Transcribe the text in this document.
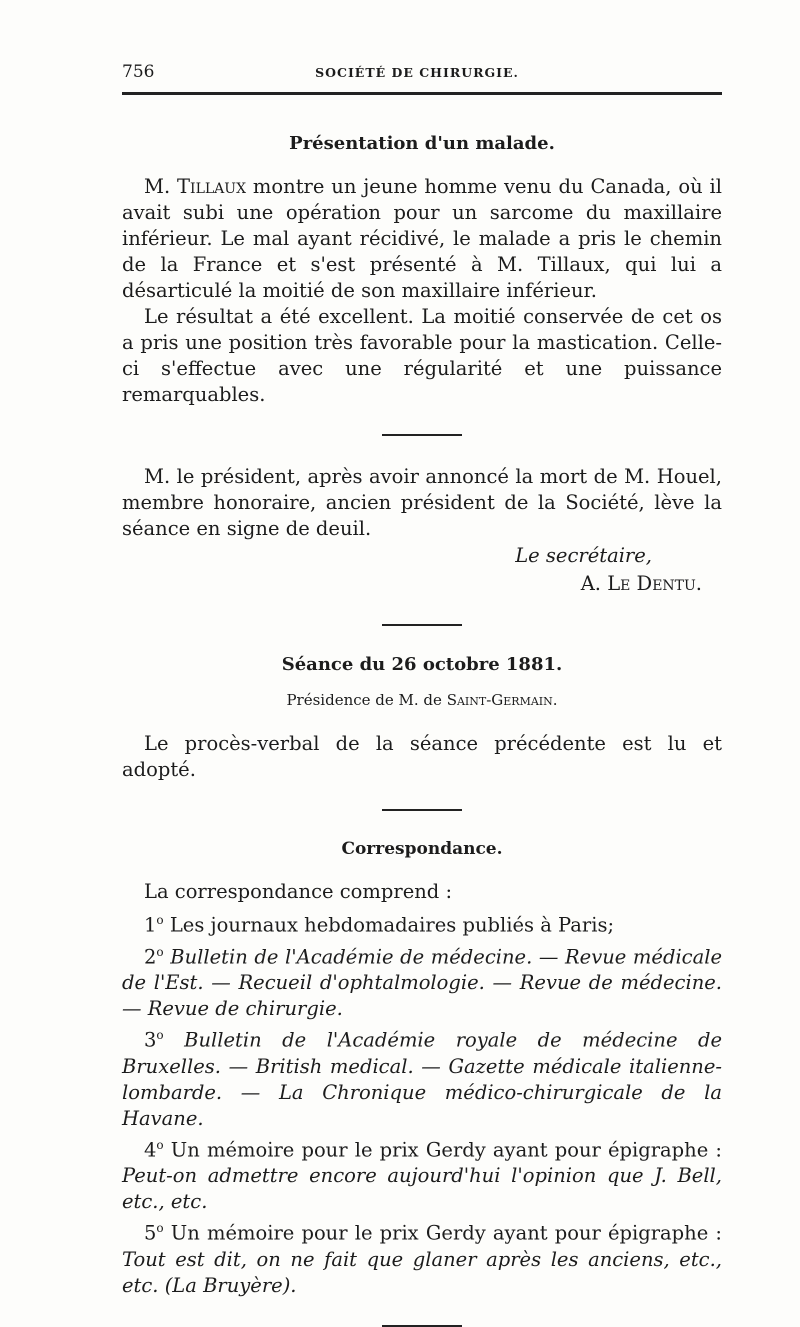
756	SOCIÉTÉ DE CHIRURGIE.
Présentation d'un malade.

M. Tillaux montre un jeune homme venu du Canada, où il avait subi une opération pour un sarcome du maxillaire inférieur. Le mal ayant récidivé, le malade a pris le chemin de la France et s'est présenté à M. Tillaux, qui lui a désarticulé la moitié de son maxillaire inférieur.

Le résultat a été excellent. La moitié conservée de cet os a pris une position très favorable pour la mastication. Celle-ci s'effectue avec une régularité et une puissance remarquables.

M. le président, après avoir annoncé la mort de M. Houel, membre honoraire, ancien président de la Société, lève la séance en signe de deuil.

Le secrétaire,
A. Le Dentu.
Séance du 26 octobre 1881.
Présidence de M. de Saint-Germain.

Le procès-verbal de la séance précédente est lu et adopté.

Correspondance.

La correspondance comprend :

1$^o$ Les journaux hebdomadaires publiés à Paris;

2$^o$ Bulletin de l'Académie de médecine. — Revue médicale de l'Est. — Recueil d'ophtalmologie. — Revue de médecine. — Revue de chirurgie.

3$^o$ Bulletin de l'Académie royale de médecine de Bruxelles. — British medical. — Gazette médicale italienne-lombarde. — La Chronique médico-chirurgicale de la Havane.

4$^o$ Un mémoire pour le prix Gerdy ayant pour épigraphe : Peut-on admettre encore aujourd'hui l'opinion que J. Bell, etc., etc.

5$^o$ Un mémoire pour le prix Gerdy ayant pour épigraphe : Tout est dit, on ne fait que glaner après les anciens, etc., etc. (La Bruyère).
